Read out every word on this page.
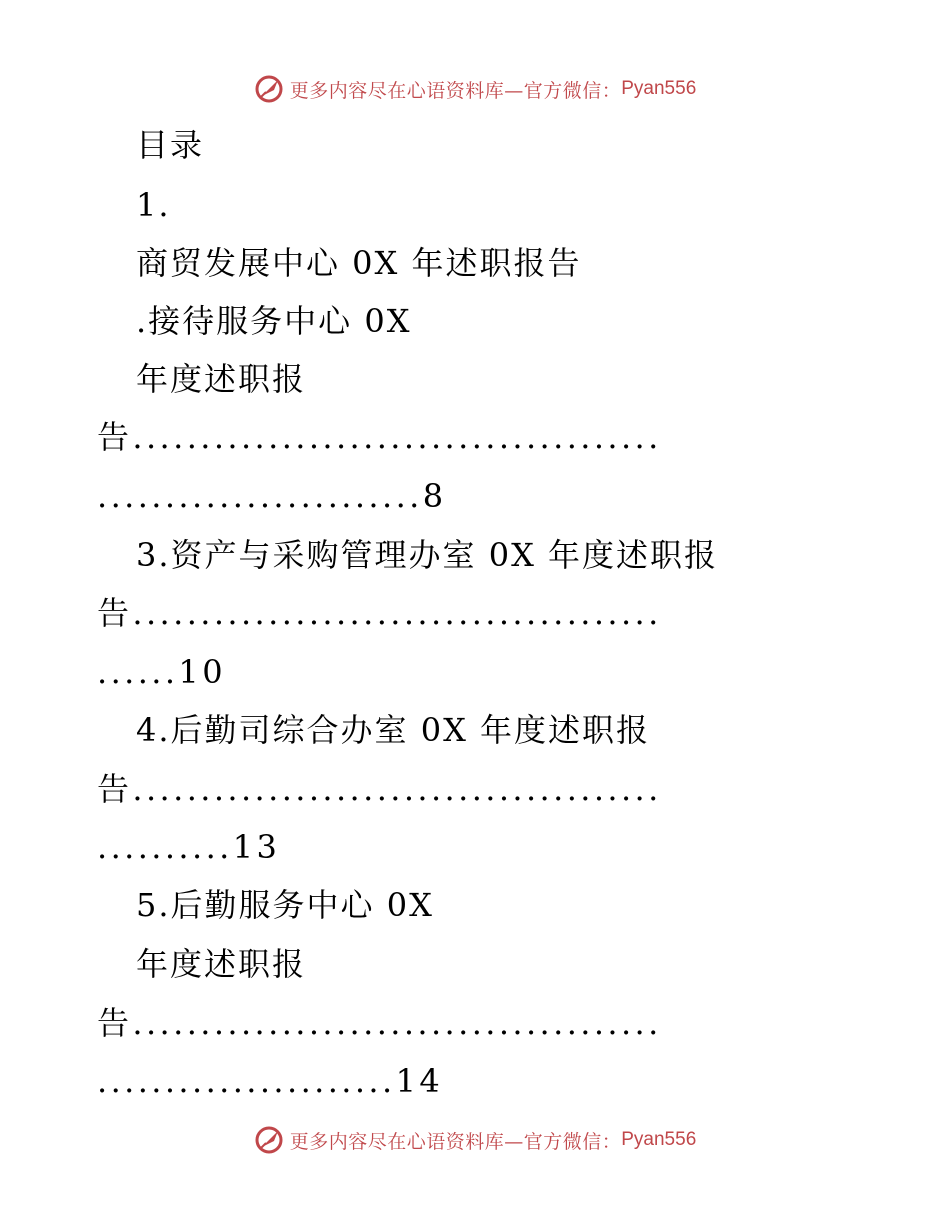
更多内容尽在心语资料库—官方微信： Pyan556
目录
1.
商贸发展中心 0X 年述职报告
.接待服务中心 0X
年度述职报
告.......................................
........................8
3.资产与采购管理办室 0X 年度述职报
告.......................................
......10
4.后勤司综合办室 0X 年度述职报
告.......................................
..........13
5.后勤服务中心 0X
年度述职报
告.......................................
......................14
更多内容尽在心语资料库—官方微信： Pyan556
